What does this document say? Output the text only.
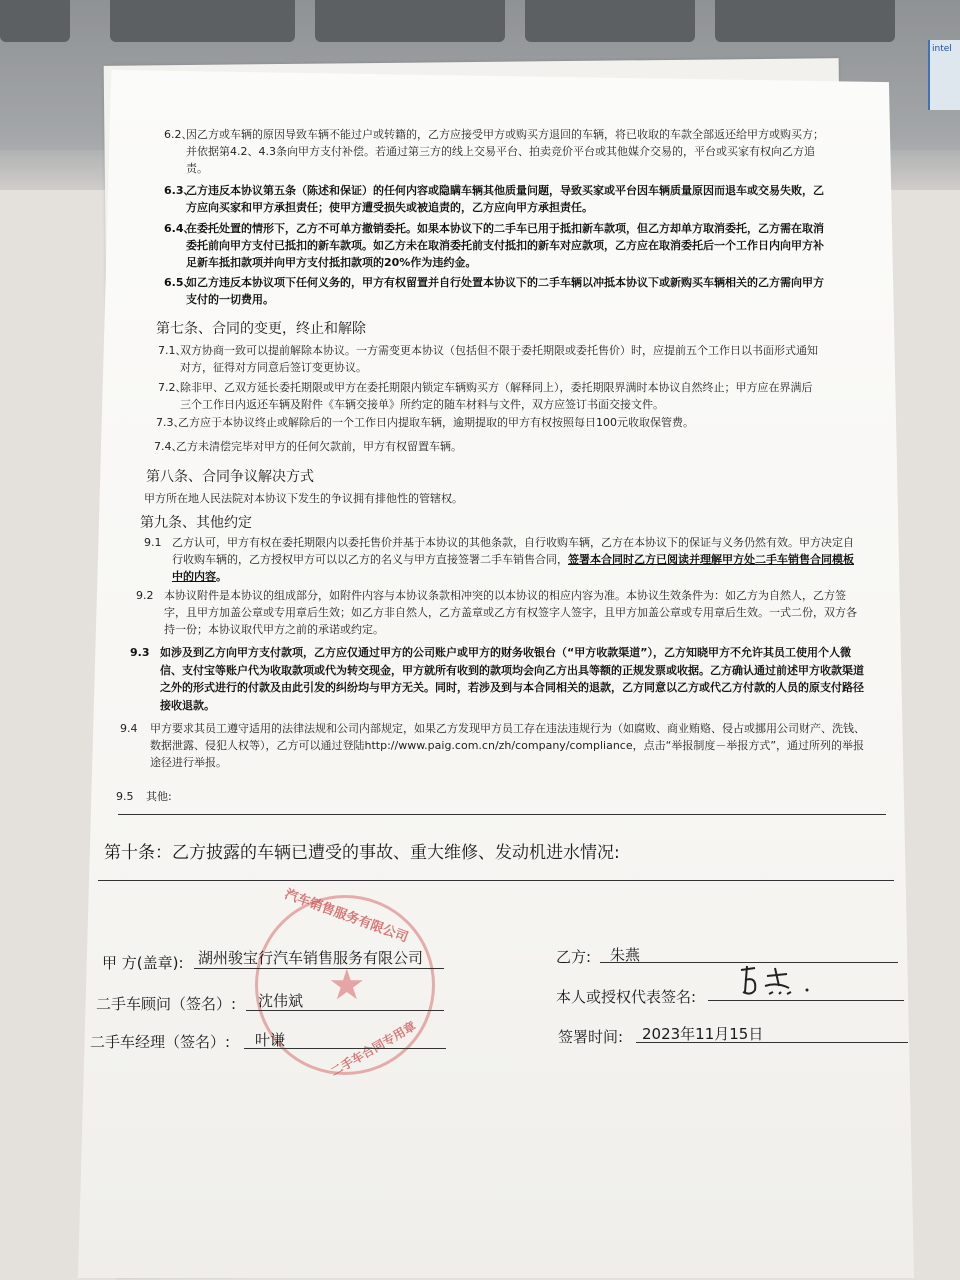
intel
6.2、
因乙方或车辆的原因导致车辆不能过户或转籍的，乙方应接受甲方或购买方退回的车辆，将已收取的车款全部返还给甲方或购买方；并依据第4.2、4.3条向甲方支付补偿。若通过第三方的线上交易平台、拍卖竞价平台或其他媒介交易的，平台或买家有权向乙方追责。
6.3、
乙方违反本协议第五条（陈述和保证）的任何内容或隐瞒车辆其他质量问题，导致买家或平台因车辆质量原因而退车或交易失败，乙方应向买家和甲方承担责任；使甲方遭受损失或被追责的，乙方应向甲方承担责任。
6.4、
在委托处置的情形下，乙方不可单方撤销委托。如果本协议下的二手车已用于抵扣新车款项，但乙方却单方取消委托，乙方需在取消委托前向甲方支付已抵扣的新车款项。如乙方未在取消委托前支付抵扣的新车对应款项，乙方应在取消委托后一个工作日内向甲方补足新车抵扣款项并向甲方支付抵扣款项的20%作为违约金。
6.5、
如乙方违反本协议项下任何义务的，甲方有权留置并自行处置本协议下的二手车辆以冲抵本协议下或新购买车辆相关的乙方需向甲方支付的一切费用。
第七条、合同的变更，终止和解除
7.1、
双方协商一致可以提前解除本协议。一方需变更本协议（包括但不限于委托期限或委托售价）时，应提前五个工作日以书面形式通知对方，征得对方同意后签订变更协议。
7.2、
除非甲、乙双方延长委托期限或甲方在委托期限内锁定车辆购买方（解释同上），委托期限界满时本协议自然终止；甲方应在界满后三个工作日内返还车辆及附件《车辆交接单》所约定的随车材料与文件，双方应签订书面交接文件。
7.3、
乙方应于本协议终止或解除后的一个工作日内提取车辆，逾期提取的甲方有权按照每日100元收取保管费。
7.4、
乙方未清偿完毕对甲方的任何欠款前，甲方有权留置车辆。
第八条、合同争议解决方式
甲方所在地人民法院对本协议下发生的争议拥有排他性的管辖权。
第九条、其他约定
9.1 乙方认可，甲方有权在委托期限内以委托售价并基于本协议的其他条款，自行收购车辆，乙方在本协议下的保证与义务仍然有效。甲方决定自行收购车辆的，乙方授权甲方可以以乙方的名义与甲方直接签署二手车销售合同，签署本合同时乙方已阅读并理解甲方处二手车销售合同模板中的内容。
9.2 本协议附件是本协议的组成部分，如附件内容与本协议条款相冲突的以本协议的相应内容为准。本协议生效条件为：如乙方为自然人，乙方签字，且甲方加盖公章或专用章后生效；如乙方非自然人，乙方盖章或乙方有权签字人签字，且甲方加盖公章或专用章后生效。一式二份，双方各持一份；本协议取代甲方之前的承诺或约定。
9.3 如涉及到乙方向甲方支付款项，乙方应仅通过甲方的公司账户或甲方的财务收银台（“甲方收款渠道”），乙方知晓甲方不允许其员工使用个人微信、支付宝等账户代为收取款项或代为转交现金，甲方就所有收到的款项均会向乙方出具等额的正规发票或收据。乙方确认通过前述甲方收款渠道之外的形式进行的付款及由此引发的纠纷均与甲方无关。同时，若涉及到与本合同相关的退款，乙方同意以乙方或代乙方付款的人员的原支付路径接收退款。
9.4 甲方要求其员工遵守适用的法律法规和公司内部规定，如果乙方发现甲方员工存在违法违规行为（如腐败、商业贿赂、侵占或挪用公司财产、洗钱、数据泄露、侵犯人权等），乙方可以通过登陆http://www.paig.com.cn/zh/company/compliance，点击“举报制度－举报方式”，通过所列的举报途径进行举报。
9.5 其他:
第十条：乙方披露的车辆已遭受的事故、重大维修、发动机进水情况:
汽车销售服务有限公司
★
二手车合同专用章
甲 方(盖章): 湖州骏宝行汽车销售服务有限公司
二手车顾问（签名）: 沈伟斌
二手车经理（签名）: 叶谦
乙方: 朱燕
本人或授权代表签名:
签署时间: 2023年11月15日
